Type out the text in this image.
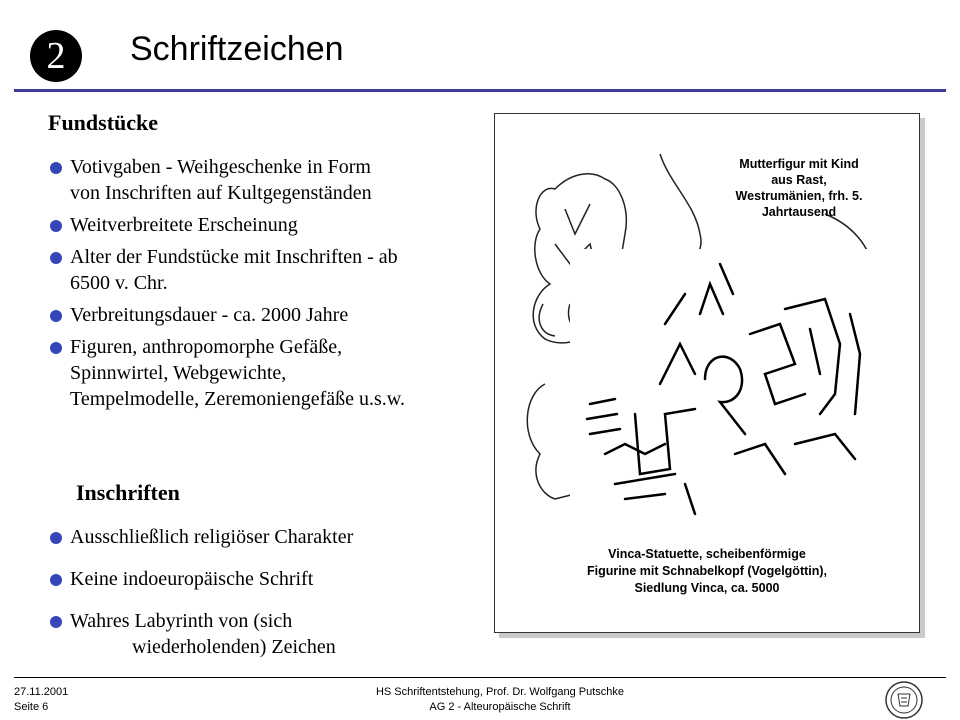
2	Schriftzeichen
Fundstücke
Votivgaben - Weihgeschenke in Form
von Inschriften auf Kultgegenständen
Weitverbreitete Erscheinung
Alter der Fundstücke mit Inschriften - ab
6500 v. Chr.
Verbreitungsdauer - ca. 2000 Jahre
Figuren, anthropomorphe Gefäße,
Spinnwirtel, Webgewichte,
Tempelmodelle, Zeremoniengefäße u.s.w.
Inschriften
Ausschließlich religiöser Charakter
Keine indoeuropäische Schrift
Wahres Labyrinth von (sich
wiederholenden) Zeichen
Mutterfigur mit Kind
aus Rast,
Westrumänien, frh. 5.
Jahrtausend
Vinca-Statuette, scheibenförmige
Figurine mit Schnabelkopf (Vogelgöttin),
Siedlung Vinca, ca. 5000
27.11.2001
Seite 6
HS Schriftentstehung, Prof. Dr. Wolfgang Putschke
AG 2 - Alteuropäische Schrift
